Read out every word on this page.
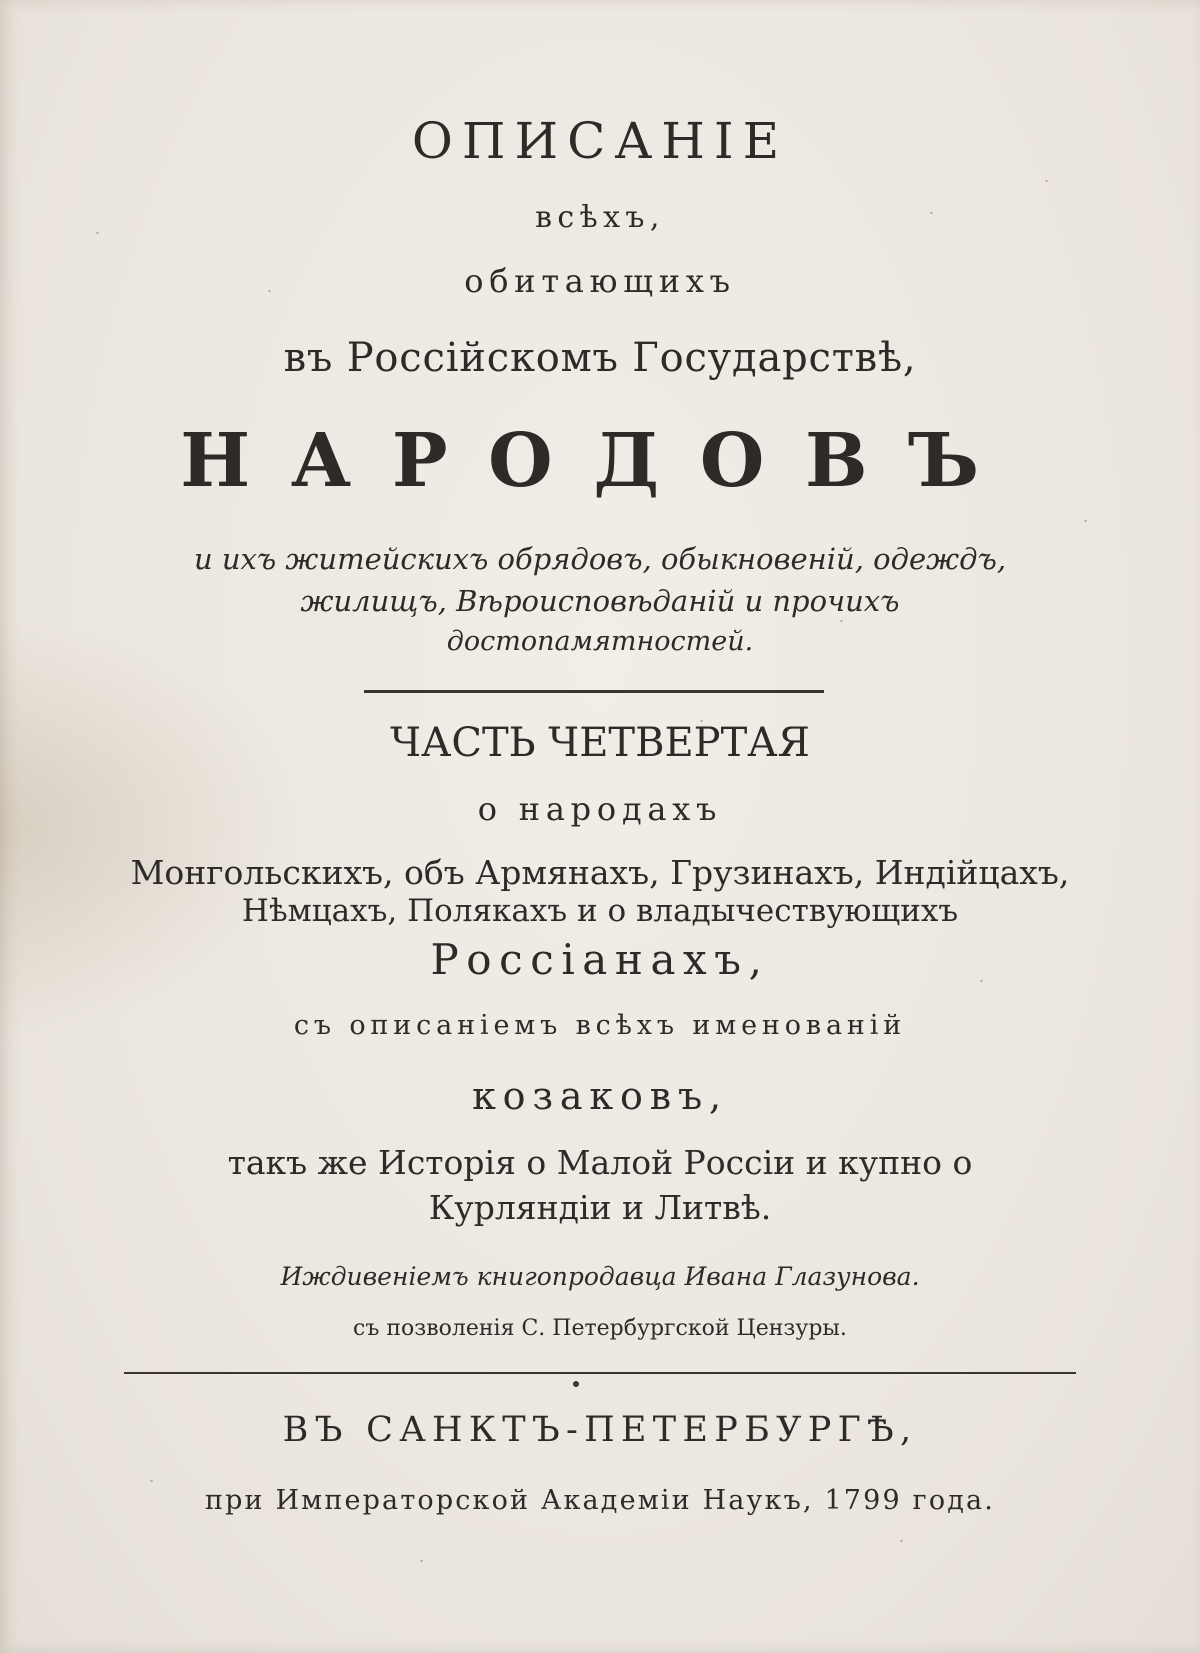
ОПИСАНІЕ

всѣхъ,

обитающихъ

въ Россійскомъ Государствѣ,

НАРОДОВЪ

и ихъ житейскихъ обрядовъ, обыкновеній, одеждъ,

жилищъ, Вѣроисповѣданій и прочихъ

достопамятностей.

ЧАСТЬ ЧЕТВЕРТАЯ

о народахъ

Монгольскихъ, объ Армянахъ, Грузинахъ, Индійцахъ,

Нѣмцахъ, Полякахъ и о владычествующихъ

Россіанахъ,

съ описаніемъ всѣхъ именованій

козаковъ,

такъ же Исторія о Малой Россіи и купно о

Курляндіи и Литвѣ.

Иждивеніемъ книгопродавца Ивана Глазунова.

съ позволенія С. Петербургской Цензуры.

ВЪ САНКТЪ-ПЕТЕРБУРГѢ,

при Императорской Академіи Наукъ, 1799 года.
